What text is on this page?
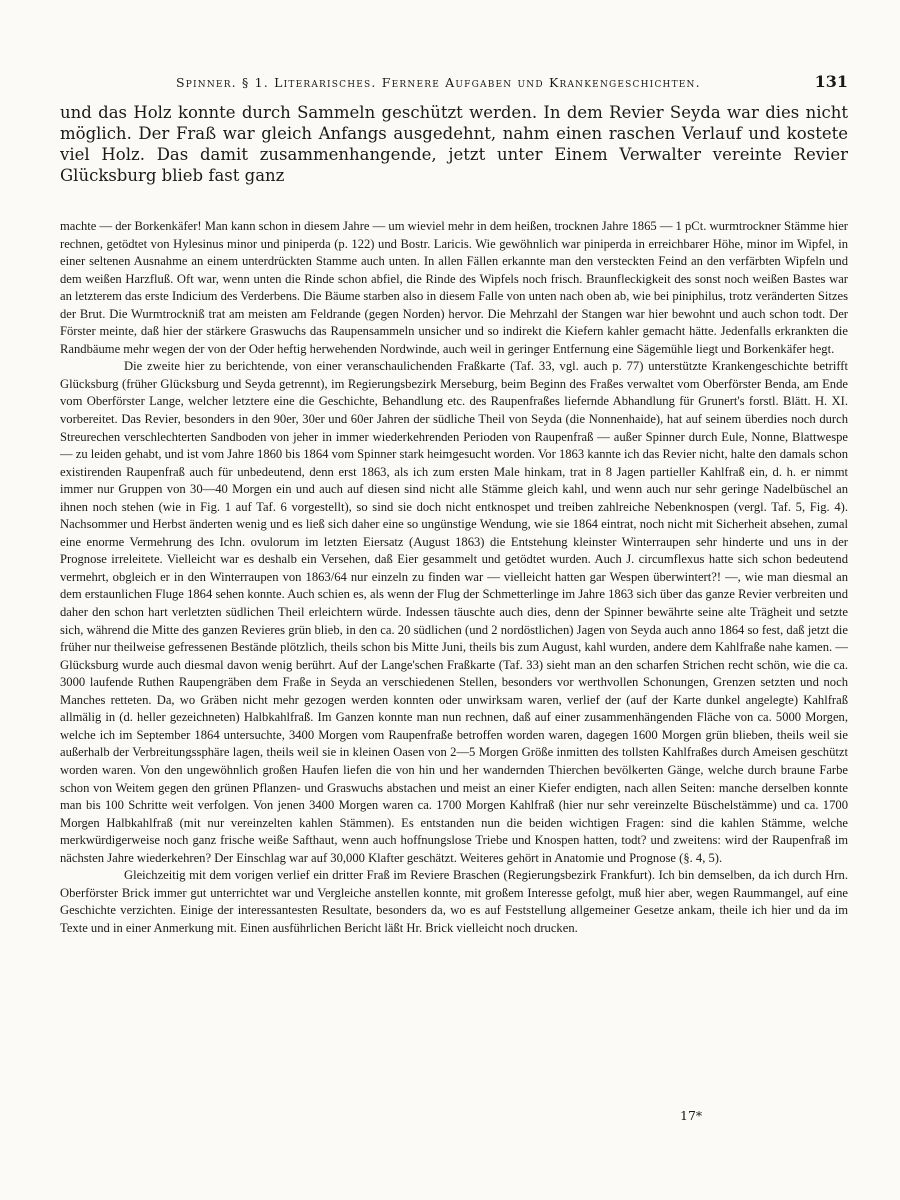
Spinner. § 1. Literarisches. Fernere Aufgaben und Krankengeschichten.	131

und das Holz konnte durch Sammeln geschützt werden. In dem Revier Seyda war dies nicht möglich. Der Fraß war gleich Anfangs ausgedehnt, nahm einen raschen Verlauf und kostete viel Holz. Das damit zusammenhangende, jetzt unter Einem Verwalter vereinte Revier Glücksburg blieb fast ganz

machte — der Borkenkäfer! Man kann schon in diesem Jahre — um wieviel mehr in dem heißen, trocknen Jahre 1865 — 1 pCt. wurmtrockner Stämme hier rechnen, getödtet von Hylesinus minor und piniperda (p. 122) und Bostr. Laricis. Wie gewöhnlich war piniperda in erreichbarer Höhe, minor im Wipfel, in einer seltenen Ausnahme an einem unterdrückten Stamme auch unten. In allen Fällen erkannte man den versteckten Feind an den verfärbten Wipfeln und dem weißen Harzfluß. Oft war, wenn unten die Rinde schon abfiel, die Rinde des Wipfels noch frisch. Braunfleckigkeit des sonst noch weißen Bastes war an letzterem das erste Indicium des Verderbens. Die Bäume starben also in diesem Falle von unten nach oben ab, wie bei piniphilus, trotz veränderten Sitzes der Brut. Die Wurmtrockniß trat am meisten am Feldrande (gegen Norden) hervor. Die Mehrzahl der Stangen war hier bewohnt und auch schon todt. Der Förster meinte, daß hier der stärkere Graswuchs das Raupensammeln unsicher und so indirekt die Kiefern kahler gemacht hätte. Jedenfalls erkrankten die Randbäume mehr wegen der von der Oder heftig herwehenden Nordwinde, auch weil in geringer Entfernung eine Sägemühle liegt und Borkenkäfer hegt.

Die zweite hier zu berichtende, von einer veranschaulichenden Fraßkarte (Taf. 33, vgl. auch p. 77) unterstützte Krankengeschichte betrifft Glücksburg (früher Glücksburg und Seyda getrennt), im Regierungsbezirk Merseburg, beim Beginn des Fraßes verwaltet vom Oberförster Benda, am Ende vom Oberförster Lange, welcher letztere eine die Geschichte, Behandlung etc. des Raupenfraßes liefernde Abhandlung für Grunert's forstl. Blätt. H. XI. vorbereitet. Das Revier, besonders in den 90er, 30er und 60er Jahren der südliche Theil von Seyda (die Nonnenhaide), hat auf seinem überdies noch durch Streurechen verschlechterten Sandboden von jeher in immer wiederkehrenden Perioden von Raupenfraß — außer Spinner durch Eule, Nonne, Blattwespe — zu leiden gehabt, und ist vom Jahre 1860 bis 1864 vom Spinner stark heimgesucht worden. Vor 1863 kannte ich das Revier nicht, halte den damals schon existirenden Raupenfraß auch für unbedeutend, denn erst 1863, als ich zum ersten Male hinkam, trat in 8 Jagen partieller Kahlfraß ein, d. h. er nimmt immer nur Gruppen von 30—40 Morgen ein und auch auf diesen sind nicht alle Stämme gleich kahl, und wenn auch nur sehr geringe Nadelbüschel an ihnen noch stehen (wie in Fig. 1 auf Taf. 6 vorgestellt), so sind sie doch nicht entknospet und treiben zahlreiche Nebenknospen (vergl. Taf. 5, Fig. 4). Nachsommer und Herbst änderten wenig und es ließ sich daher eine so ungünstige Wendung, wie sie 1864 eintrat, noch nicht mit Sicherheit absehen, zumal eine enorme Vermehrung des Ichn. ovulorum im letzten Eiersatz (August 1863) die Entstehung kleinster Winterraupen sehr hinderte und uns in der Prognose irreleitete. Vielleicht war es deshalb ein Versehen, daß Eier gesammelt und getödtet wurden. Auch J. circumflexus hatte sich schon bedeutend vermehrt, obgleich er in den Winterraupen von 1863/64 nur einzeln zu finden war — vielleicht hatten gar Wespen überwintert?! —, wie man diesmal an dem erstaunlichen Fluge 1864 sehen konnte. Auch schien es, als wenn der Flug der Schmetterlinge im Jahre 1863 sich über das ganze Revier verbreiten und daher den schon hart verletzten südlichen Theil erleichtern würde. Indessen täuschte auch dies, denn der Spinner bewährte seine alte Trägheit und setzte sich, während die Mitte des ganzen Revieres grün blieb, in den ca. 20 südlichen (und 2 nordöstlichen) Jagen von Seyda auch anno 1864 so fest, daß jetzt die früher nur theilweise gefressenen Bestände plötzlich, theils schon bis Mitte Juni, theils bis zum August, kahl wurden, andere dem Kahlfraße nahe kamen. — Glücksburg wurde auch diesmal davon wenig berührt. Auf der Lange'schen Fraßkarte (Taf. 33) sieht man an den scharfen Strichen recht schön, wie die ca. 3000 laufende Ruthen Raupengräben dem Fraße in Seyda an verschiedenen Stellen, besonders vor werthvollen Schonungen, Grenzen setzten und noch Manches retteten. Da, wo Gräben nicht mehr gezogen werden konnten oder unwirksam waren, verlief der (auf der Karte dunkel angelegte) Kahlfraß allmälig in (d. heller gezeichneten) Halbkahlfraß. Im Ganzen konnte man nun rechnen, daß auf einer zusammenhängenden Fläche von ca. 5000 Morgen, welche ich im September 1864 untersuchte, 3400 Morgen vom Raupenfraße betroffen worden waren, dagegen 1600 Morgen grün blieben, theils weil sie außerhalb der Verbreitungssphäre lagen, theils weil sie in kleinen Oasen von 2—5 Morgen Größe inmitten des tollsten Kahlfraßes durch Ameisen geschützt worden waren. Von den ungewöhnlich großen Haufen liefen die von hin und her wandernden Thierchen bevölkerten Gänge, welche durch braune Farbe schon von Weitem gegen den grünen Pflanzen- und Graswuchs abstachen und meist an einer Kiefer endigten, nach allen Seiten: manche derselben konnte man bis 100 Schritte weit verfolgen. Von jenen 3400 Morgen waren ca. 1700 Morgen Kahlfraß (hier nur sehr vereinzelte Büschelstämme) und ca. 1700 Morgen Halbkahlfraß (mit nur vereinzelten kahlen Stämmen). Es entstanden nun die beiden wichtigen Fragen: sind die kahlen Stämme, welche merkwürdigerweise noch ganz frische weiße Safthaut, wenn auch hoffnungslose Triebe und Knospen hatten, todt? und zweitens: wird der Raupenfraß im nächsten Jahre wiederkehren? Der Einschlag war auf 30,000 Klafter geschätzt. Weiteres gehört in Anatomie und Prognose (§. 4, 5).

Gleichzeitig mit dem vorigen verlief ein dritter Fraß im Reviere Braschen (Regierungsbezirk Frankfurt). Ich bin demselben, da ich durch Hrn. Oberförster Brick immer gut unterrichtet war und Vergleiche anstellen konnte, mit großem Interesse gefolgt, muß hier aber, wegen Raummangel, auf eine Geschichte verzichten. Einige der interessantesten Resultate, besonders da, wo es auf Feststellung allgemeiner Gesetze ankam, theile ich hier und da im Texte und in einer Anmerkung mit. Einen ausführlichen Bericht läßt Hr. Brick vielleicht noch drucken.

17*
